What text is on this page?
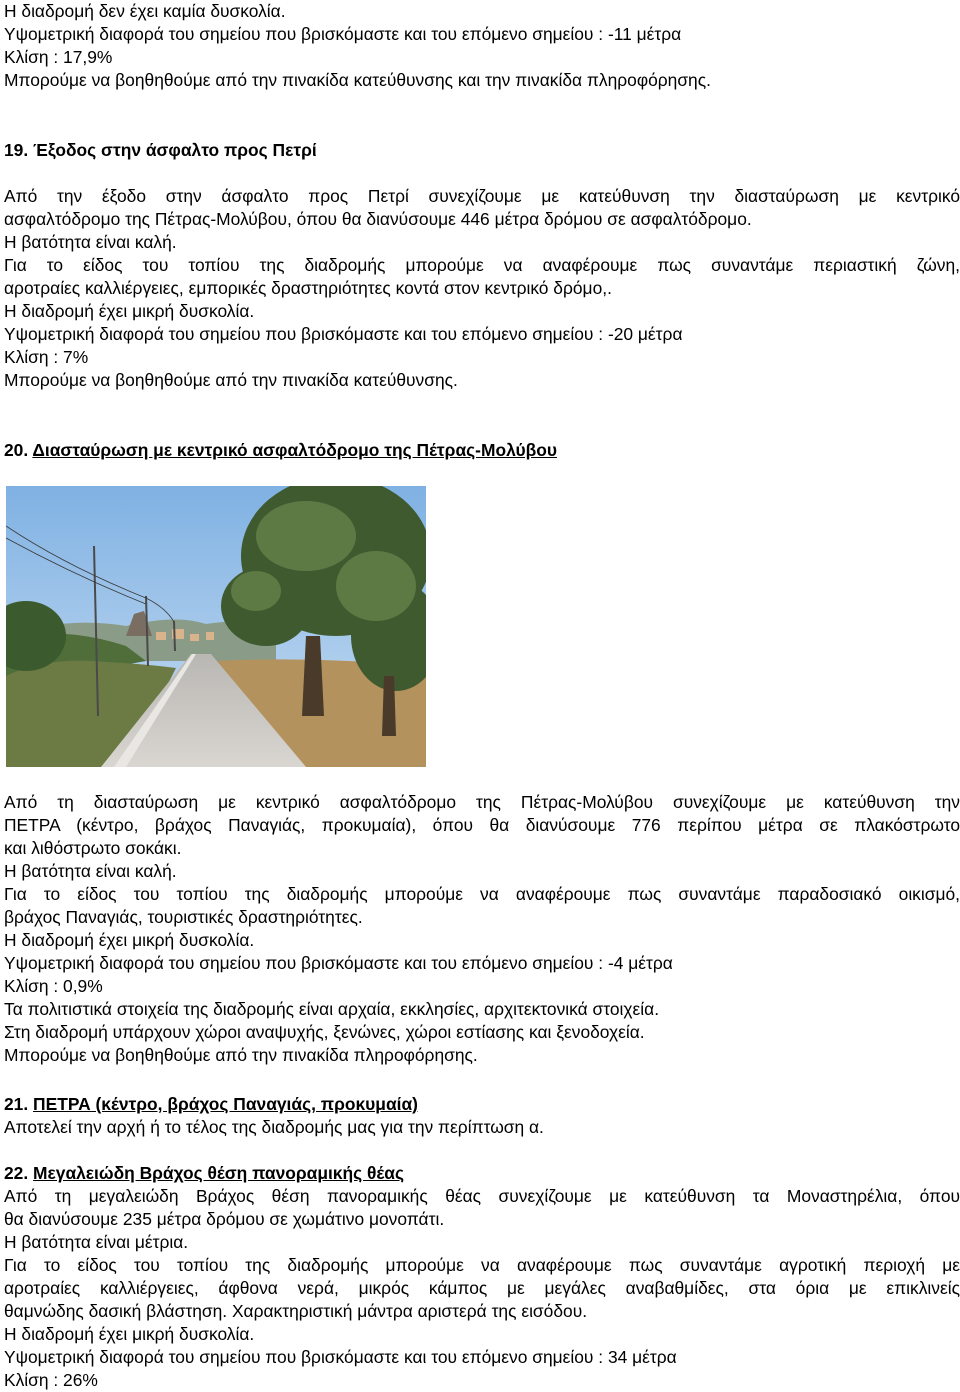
Η διαδρομή δεν έχει καμία δυσκολία.
Υψομετρική διαφορά του σημείου που βρισκόμαστε και του επόμενο σημείου : -11 μέτρα
Κλίση : 17,9%
Μπορούμε να βοηθηθούμε από την πινακίδα κατεύθυνσης και την πινακίδα πληροφόρησης.
19. Έξοδος στην άσφαλτο προς Πετρί
Από την έξοδο στην άσφαλτο προς Πετρί συνεχίζουμε με κατεύθυνση την διασταύρωση με κεντρικό
ασφαλτόδρομο της Πέτρας-Μολύβου, όπου θα διανύσουμε 446 μέτρα δρόμου σε ασφαλτόδρομο.
Η βατότητα είναι καλή.
Για το είδος του τοπίου της διαδρομής μπορούμε να αναφέρουμε πως συναντάμε περιαστική ζώνη,
αροτραίες καλλιέργειες, εμπορικές δραστηριότητες κοντά στον κεντρικό δρόμο,.
Η διαδρομή έχει μικρή δυσκολία.
Υψομετρική διαφορά του σημείου που βρισκόμαστε και του επόμενο σημείου : -20 μέτρα
Κλίση : 7%
Μπορούμε να βοηθηθούμε από την πινακίδα κατεύθυνσης.
20. Διασταύρωση με κεντρικό ασφαλτόδρομο της Πέτρας-Μολύβου
Από τη διασταύρωση με κεντρικό ασφαλτόδρομο της Πέτρας-Μολύβου συνεχίζουμε με κατεύθυνση την
ΠΕΤΡΑ (κέντρο, βράχος Παναγιάς, προκυμαία), όπου θα διανύσουμε 776 περίπου μέτρα σε πλακόστρωτο
και λιθόστρωτο σοκάκι.
Η βατότητα είναι καλή.
Για το είδος του τοπίου της διαδρομής μπορούμε να αναφέρουμε πως συναντάμε παραδοσιακό οικισμό,
βράχος Παναγιάς, τουριστικές δραστηριότητες.
Η διαδρομή έχει μικρή δυσκολία.
Υψομετρική διαφορά του σημείου που βρισκόμαστε και του επόμενο σημείου : -4 μέτρα
Κλίση : 0,9%
Τα πολιτιστικά στοιχεία της διαδρομής είναι αρχαία, εκκλησίες, αρχιτεκτονικά στοιχεία.
Στη διαδρομή υπάρχουν χώροι αναψυχής, ξενώνες, χώροι εστίασης και ξενοδοχεία.
Μπορούμε να βοηθηθούμε από την πινακίδα πληροφόρησης.
21. ΠΕΤΡΑ (κέντρο, βράχος Παναγιάς, προκυμαία)
Αποτελεί την αρχή ή το τέλος της διαδρομής μας για την περίπτωση α.
22. Μεγαλειώδη Βράχος θέση πανοραμικής θέας
Από τη μεγαλειώδη Βράχος θέση πανοραμικής θέας συνεχίζουμε με κατεύθυνση τα Μοναστηρέλια, όπου
θα διανύσουμε 235 μέτρα δρόμου σε χωμάτινο μονοπάτι.
Η βατότητα είναι μέτρια.
Για το είδος του τοπίου της διαδρομής μπορούμε να αναφέρουμε πως συναντάμε αγροτική περιοχή με
αροτραίες καλλιέργειες, άφθονα νερά, μικρός κάμπος με μεγάλες αναβαθμίδες, στα όρια με επικλινείς
θαμνώδης δασική βλάστηση. Χαρακτηριστική μάντρα αριστερά της εισόδου.
Η διαδρομή έχει μικρή δυσκολία.
Υψομετρική διαφορά του σημείου που βρισκόμαστε και του επόμενο σημείου : 34 μέτρα
Κλίση : 26%
